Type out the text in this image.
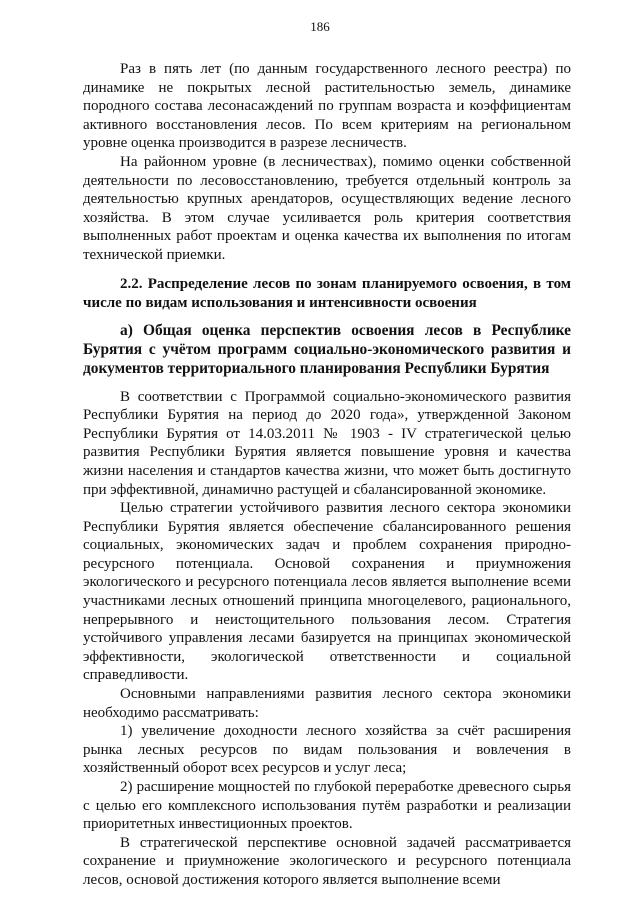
186

Раз в пять лет (по данным государственного лесного реестра) по динамике не покрытых лесной растительностью земель, динамике породного состава лесонасаждений по группам возраста и коэффициентам активного восстановления лесов. По всем критериям на региональном уровне оценка производится в разрезе лесничеств.

На районном уровне (в лесничествах), помимо оценки собственной деятельности по лесовосстановлению, требуется отдельный контроль за деятельностью крупных арендаторов, осуществляющих ведение лесного хозяйства. В этом случае усиливается роль критерия соответствия выполненных работ проектам и оценка качества их выполнения по итогам технической приемки.

2.2. Распределение лесов по зонам планируемого освоения, в том числе по видам использования и интенсивности освоения
а) Общая оценка перспектив освоения лесов в Республике Бурятия с учётом программ социально-экономического развития и документов территориального планирования Республики Бурятия

В соответствии с Программой социально-экономического развития Республики Бурятия на период до 2020 года», утвержденной Законом Республики Бурятия от 14.03.2011 № 1903 - IV стратегической целью развития Республики Бурятия является повышение уровня и качества жизни населения и стандартов качества жизни, что может быть достигнуто при эффективной, динамично растущей и сбалансированной экономике.

Целью стратегии устойчивого развития лесного сектора экономики Республики Бурятия является обеспечение сбалансированного решения социальных, экономических задач и проблем сохранения природно-ресурсного потенциала. Основой сохранения и приумножения экологического и ресурсного потенциала лесов является выполнение всеми участниками лесных отношений принципа многоцелевого, рационального, непрерывного и неистощительного пользования лесом. Стратегия устойчивого управления лесами базируется на принципах экономической эффективности, экологической ответственности и социальной справедливости.

Основными направлениями развития лесного сектора экономики необходимо рассматривать:

1) увеличение доходности лесного хозяйства за счёт расширения рынка лесных ресурсов по видам пользования и вовлечения в хозяйственный оборот всех ресурсов и услуг леса;

2) расширение мощностей по глубокой переработке древесного сырья с целью его комплексного использования путём разработки и реализации приоритетных инвестиционных проектов.

В стратегической перспективе основной задачей рассматривается сохранение и приумножение экологического и ресурсного потенциала лесов, основой достижения которого является выполнение всеми
